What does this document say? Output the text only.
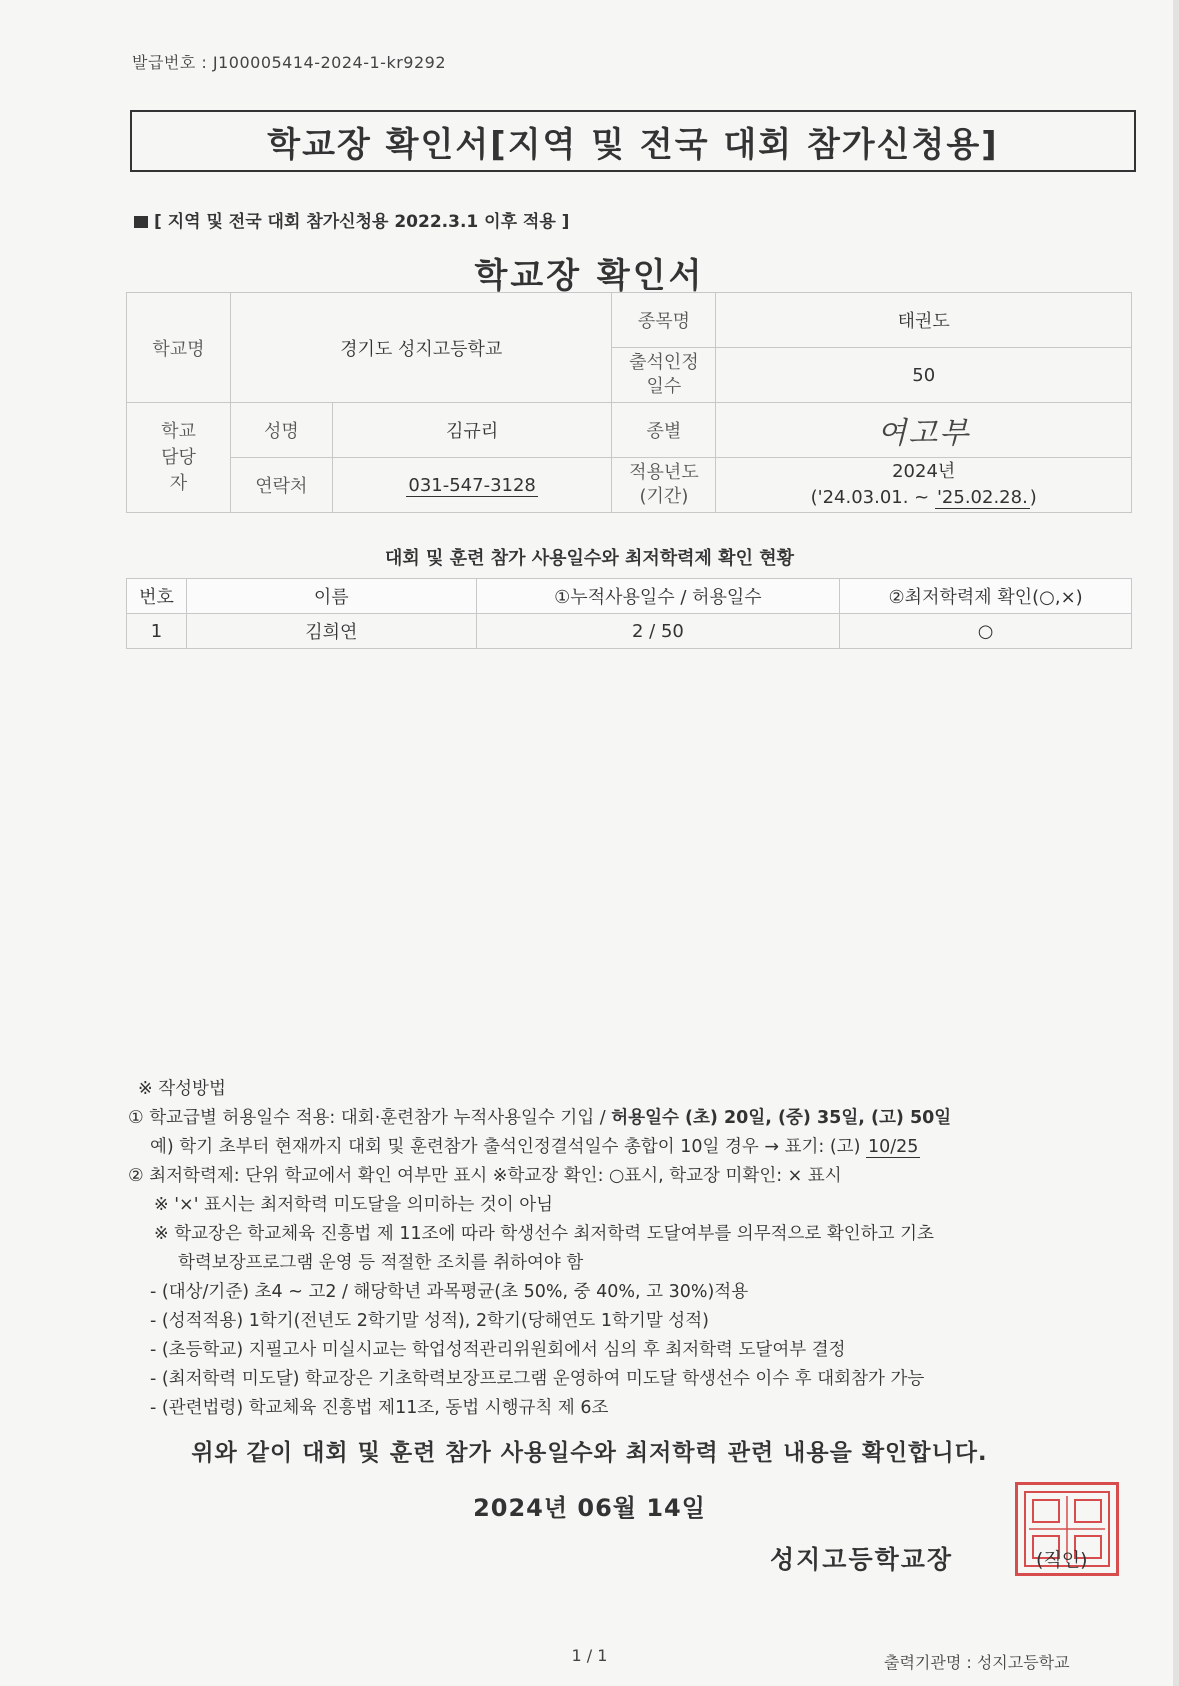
발급번호 : J100005414-2024-1-kr9292
학교장 확인서[지역 및 전국 대회 참가신청용]
[ 지역 및 전국 대회 참가신청용 2022.3.1 이후 적용 ]
학교장 확인서
학교명	경기도 성지고등학교		종목명	태권도
			출석인정 일수	50
학교 담당자	성명	김규리	종별	여고부
	연락처	031-547-3128	적용년도 (기간)	2024년
('24.03.01. ~ '25.02.28. )
대회 및 훈련 참가 사용일수와 최저학력제 확인 현황
번호	이름	①누적사용일수 / 허용일수	②최저학력제 확인(○,×)
1	김희연	2 / 50	○
※ 작성방법
① 학교급별 허용일수 적용: 대회·훈련참가 누적사용일수 기입 / 허용일수 (초) 20일, (중) 35일, (고) 50일
예) 학기 초부터 현재까지 대회 및 훈련참가 출석인정결석일수 총합이 10일 경우 → 표기: (고) 10/25
② 최저학력제: 단위 학교에서 확인 여부만 표시 ※학교장 확인: ○표시, 학교장 미확인: × 표시
※ '×' 표시는 최저학력 미도달을 의미하는 것이 아님
※ 학교장은 학교체육 진흥법 제 11조에 따라 학생선수 최저학력 도달여부를 의무적으로 확인하고 기초
학력보장프로그램 운영 등 적절한 조치를 취하여야 함
- (대상/기준) 초4 ~ 고2 / 해당학년 과목평균(초 50%, 중 40%, 고 30%)적용
- (성적적용) 1학기(전년도 2학기말 성적), 2학기(당해연도 1학기말 성적)
- (초등학교) 지필고사 미실시교는 학업성적관리위원회에서 심의 후 최저학력 도달여부 결정
- (최저학력 미도달) 학교장은 기초학력보장프로그램 운영하여 미도달 학생선수 이수 후 대회참가 가능
- (관련법령) 학교체육 진흥법 제11조, 동법 시행규칙 제 6조
위와 같이 대회 및 훈련 참가 사용일수와 최저학력 관련 내용을 확인합니다.
2024년 06월 14일
성지고등학교장	(직인)
1 / 1	출력기관명 : 성지고등학교
